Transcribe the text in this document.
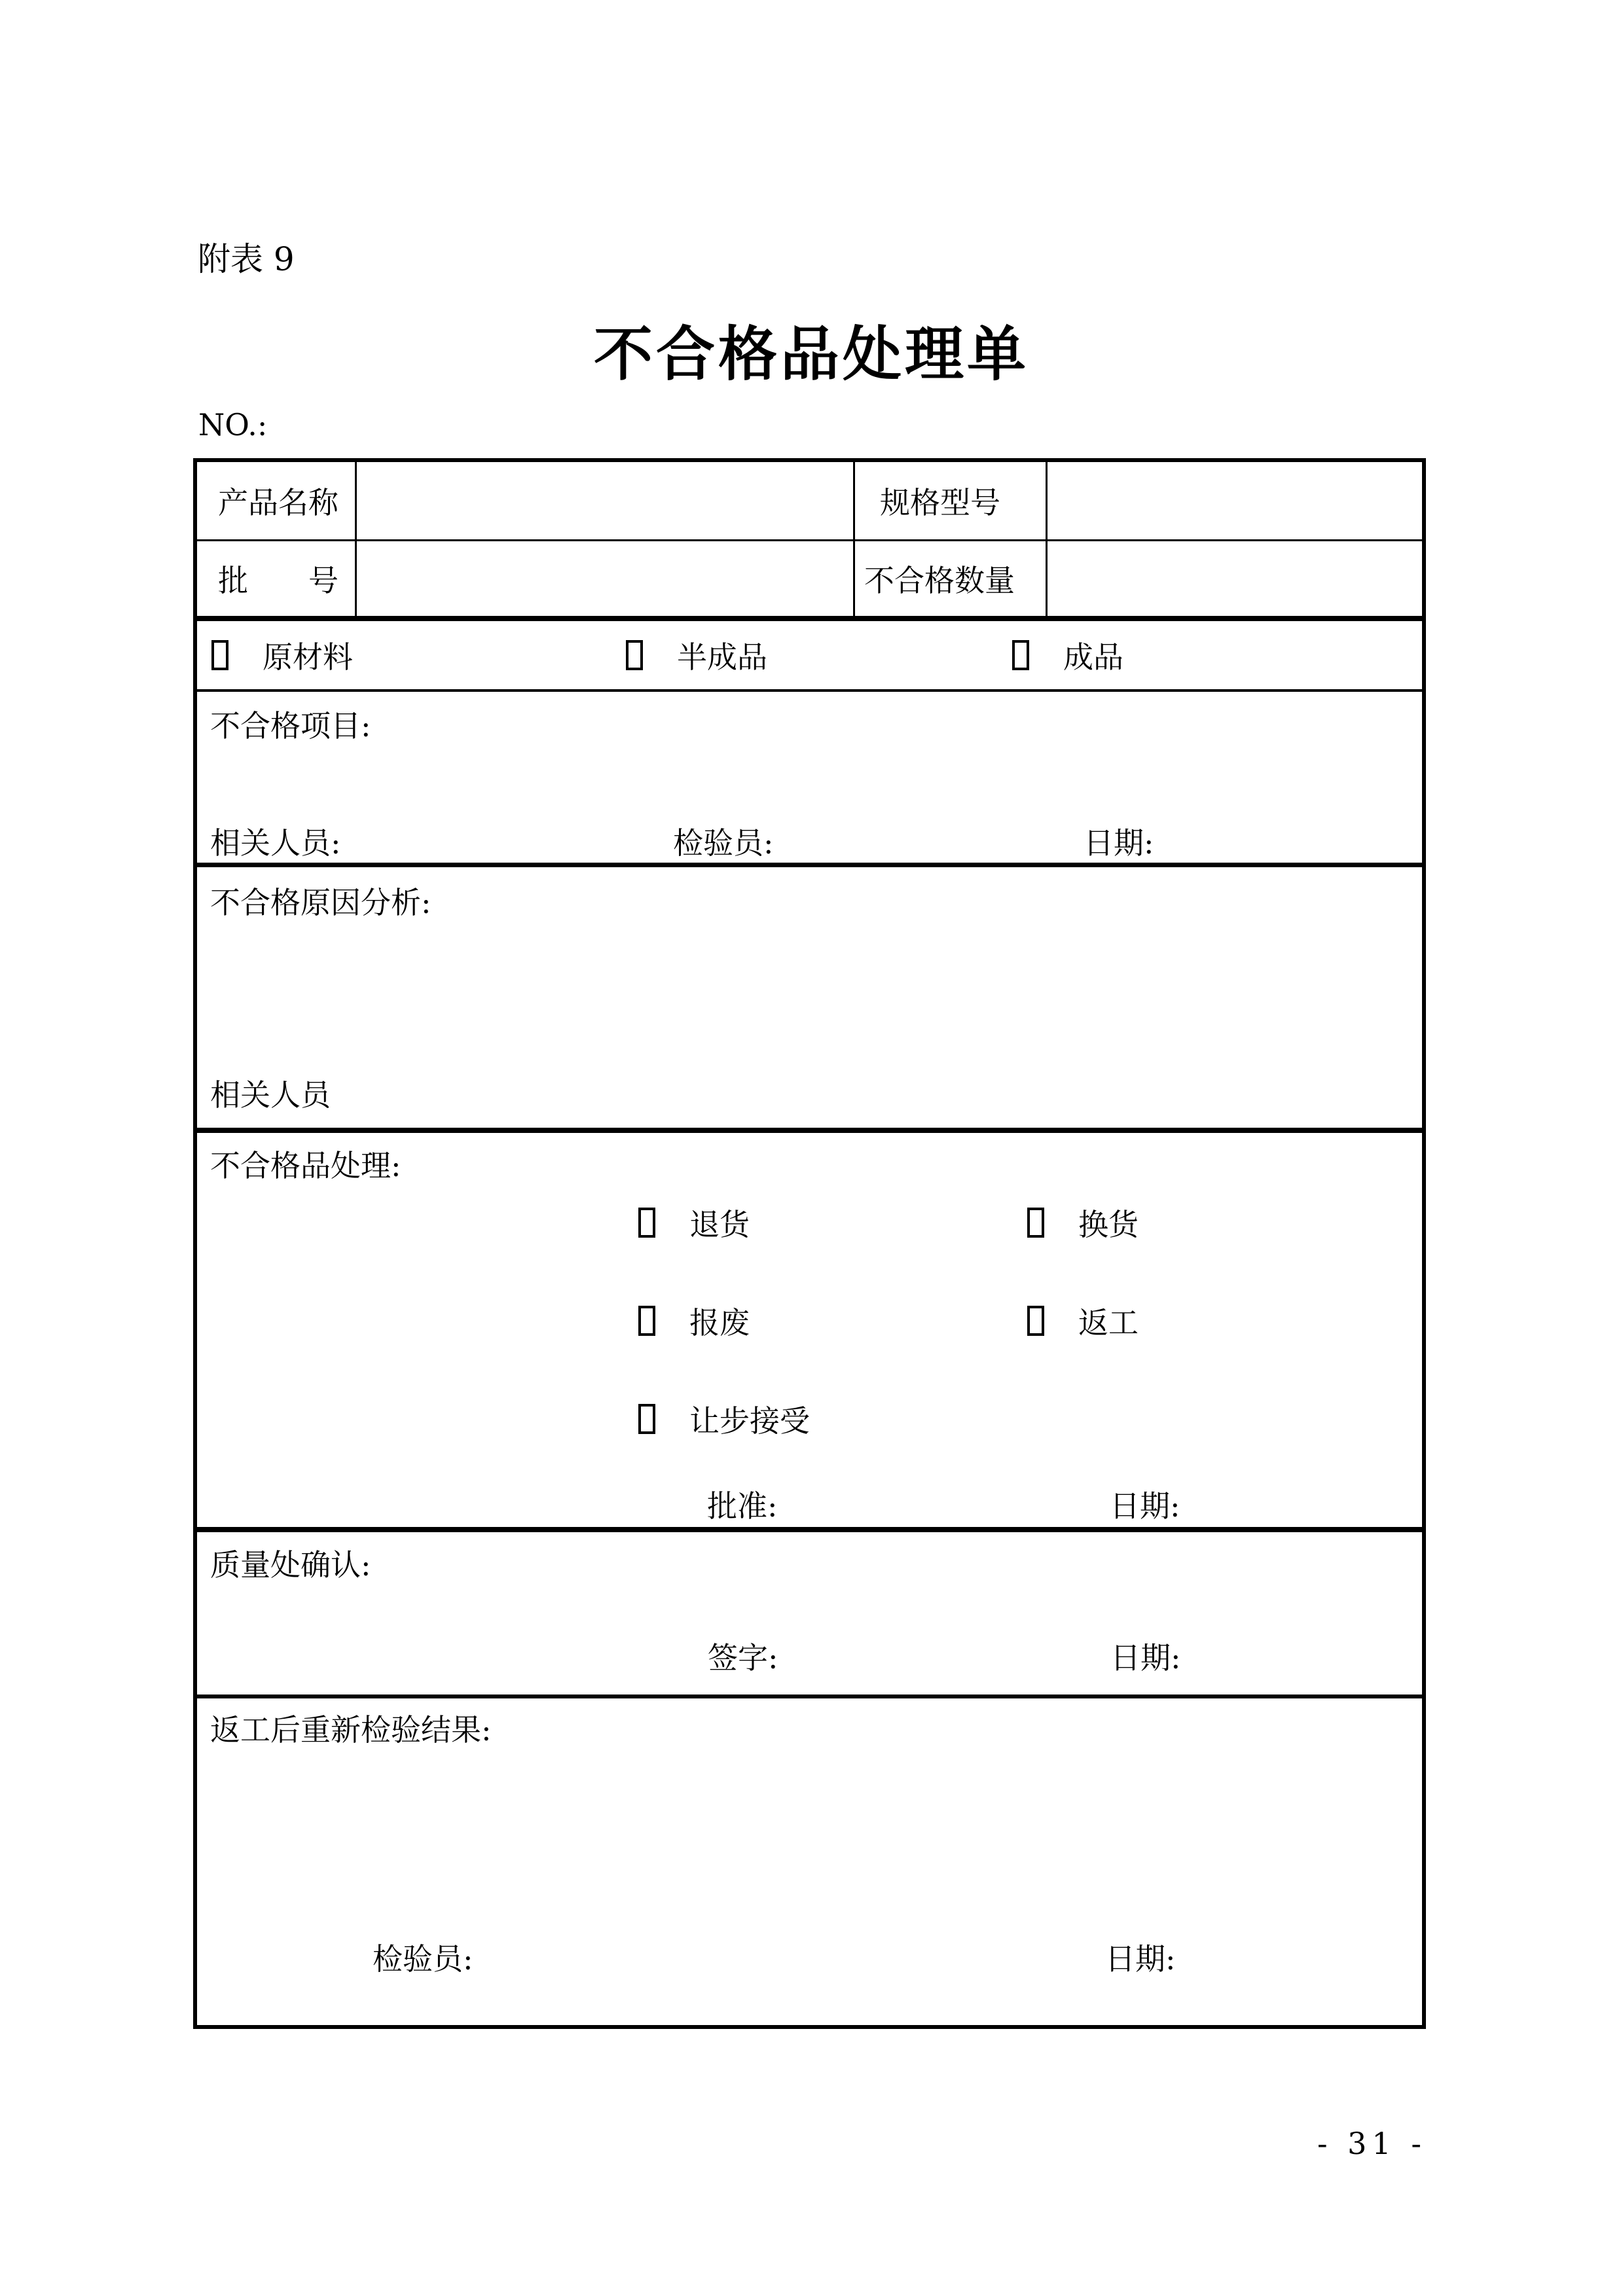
附表 9
不合格品处理单
NO.:
产品名称	规格型号
批　　号	不合格数量
原材料	半成品	成品
不合格项目:
相关人员:	检验员:	日期:
不合格原因分析:
相关人员
不合格品处理:
退货	换货
报废	返工
让步接受
批准:	日期:
质量处确认:
签字:	日期:
返工后重新检验结果:
检验员:	日期:
- 31 -
